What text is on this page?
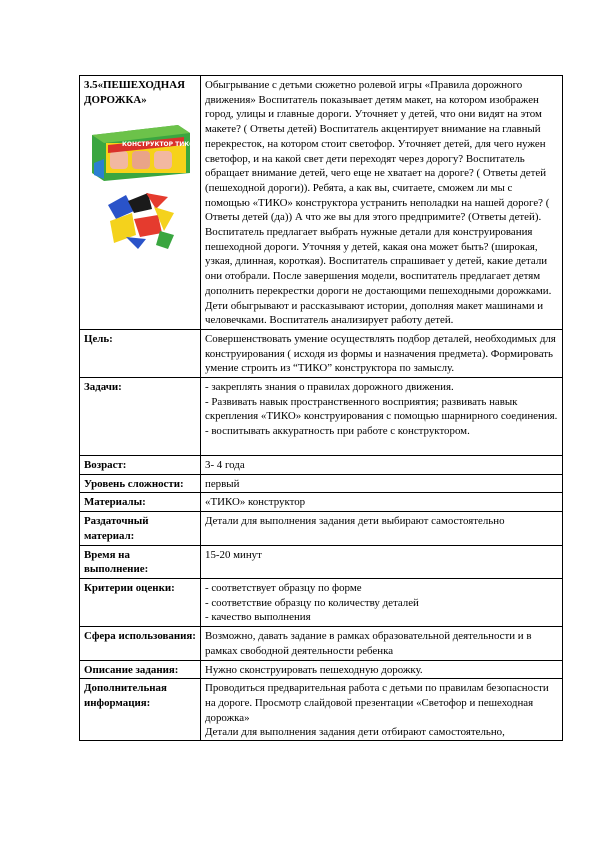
3.5«ПЕШЕХОДНАЯ ДОРОЖКА»
КОНСТРУКТОР ТИКО	Обыгрывание с детьми сюжетно ролевой игры «Правила дорожного движения» Воспитатель показывает детям макет, на котором изображен город, улицы и главные дороги. Уточняет у детей, что они видят на этом макете? ( Ответы детей) Воспитатель акцентирует внимание на главный перекресток, на котором стоит светофор. Уточняет детей, для чего нужен светофор, и на какой свет дети переходят через дорогу? Воспитатель обращает внимание детей, чего еще не хватает на дороге? ( Ответы детей (пешеходной дороги)). Ребята, а как вы, считаете, сможем ли мы с помощью «ТИКО» конструктора устранить неполадки на нашей дороге? ( Ответы детей (да)) А что же вы для этого предпримите? (Ответы детей). Воспитатель предлагает выбрать нужные детали для конструирования пешеходной дороги. Уточняя у детей, какая она может быть? (широкая, узкая, длинная, короткая). Воспитатель спрашивает у детей, какие детали они отобрали. После завершения модели, воспитатель предлагает детям дополнить перекрестки дороги не достающими пешеходными дорожками. Дети обыгрывают и рассказывают истории, дополняя макет машинами и человечками. Воспитатель анализирует работу детей.
Цель:	Совершенствовать умение осуществлять подбор деталей, необходимых для конструирования ( исходя из формы и назначения предмета). Формировать умение строить из “ТИКО” конструктора по замыслу.
Задачи:	- закреплять знания о правилах дорожного движения.
- Развивать навык пространственного восприятия; развивать навык скрепления «ТИКО» конструирования с помощью шарнирного соединения.
- воспитывать аккуратность при работе с конструктором.
Возраст:	3- 4 года
Уровень сложности:	первый
Материалы:	«ТИКО» конструктор
Раздаточный материал:	Детали для выполнения задания дети выбирают самостоятельно
Время на выполнение:	15-20 минут
Критерии оценки:	- соответствует образцу по форме
- соответствие образцу по количеству деталей
- качество выполнения
Сфера использования:	Возможно, давать задание в рамках образовательной деятельности и в рамках свободной деятельности ребенка
Описание задания:	Нужно сконструировать пешеходную дорожку.
Дополнительная информация:	Проводиться предварительная работа с детьми по правилам безопасности на дороге. Просмотр слайдовой презентации «Светофор и пешеходная дорожка»
Детали для выполнения задания дети отбирают самостоятельно,
